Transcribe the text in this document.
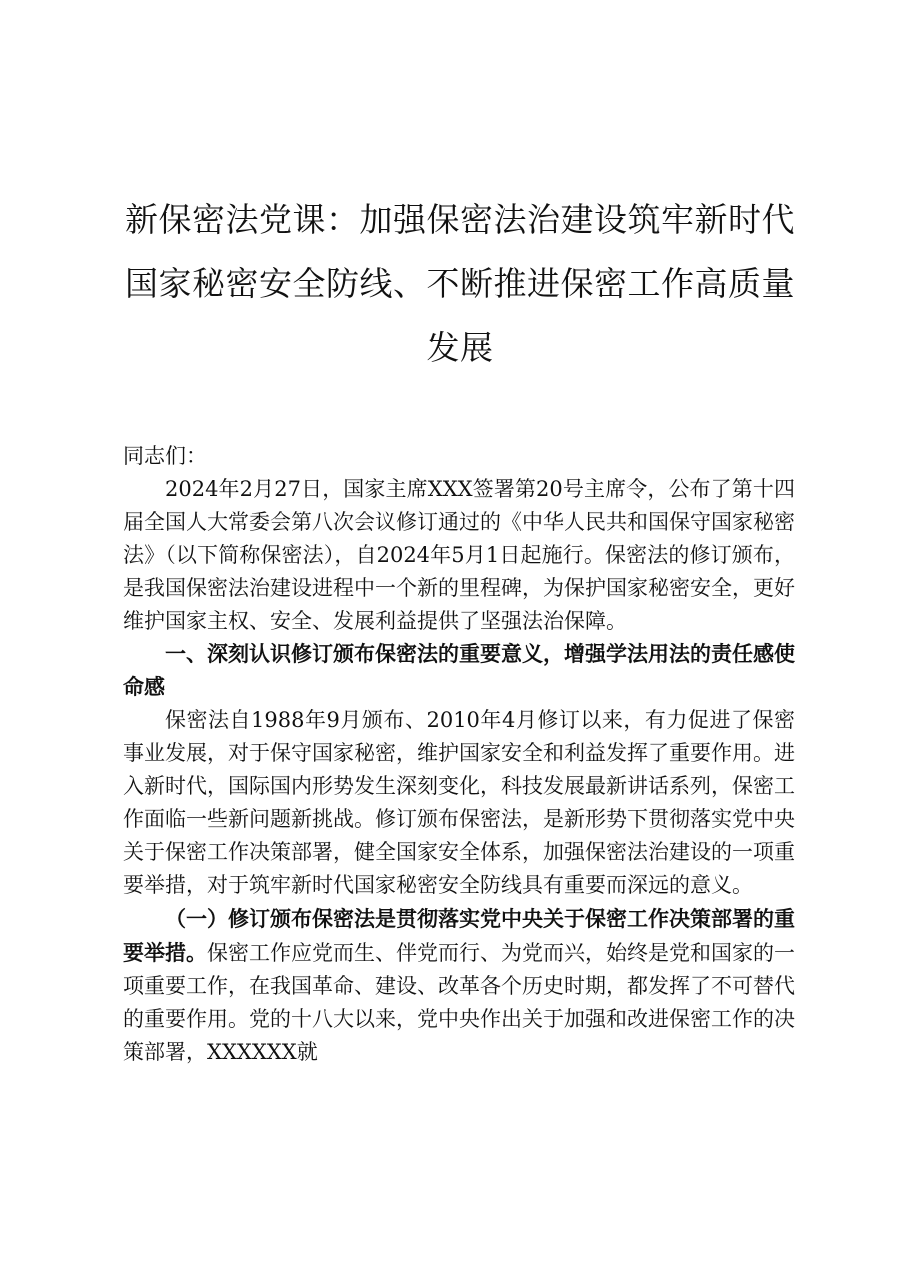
新保密法党课：加强保密法治建设筑牢新时代国家秘密安全防线、不断推进保密工作高质量发展

同志们：

2024年2月27日，国家主席XXX签署第20号主席令，公布了第十四届全国人大常委会第八次会议修订通过的《中华人民共和国保守国家秘密法》（以下简称保密法），自2024年5月1日起施行。保密法的修订颁布，是我国保密法治建设进程中一个新的里程碑，为保护国家秘密安全，更好维护国家主权、安全、发展利益提供了坚强法治保障。

一、深刻认识修订颁布保密法的重要意义，增强学法用法的责任感使命感

保密法自1988年9月颁布、2010年4月修订以来，有力促进了保密事业发展，对于保守国家秘密，维护国家安全和利益发挥了重要作用。进入新时代，国际国内形势发生深刻变化，科技发展最新讲话系列，保密工作面临一些新问题新挑战。修订颁布保密法，是新形势下贯彻落实党中央关于保密工作决策部署，健全国家安全体系，加强保密法治建设的一项重要举措，对于筑牢新时代国家秘密安全防线具有重要而深远的意义。

（一）修订颁布保密法是贯彻落实党中央关于保密工作决策部署的重要举措。保密工作应党而生、伴党而行、为党而兴，始终是党和国家的一项重要工作，在我国革命、建设、改革各个历史时期，都发挥了不可替代的重要作用。党的十八大以来，党中央作出关于加强和改进保密工作的决策部署，XXXXXX就
